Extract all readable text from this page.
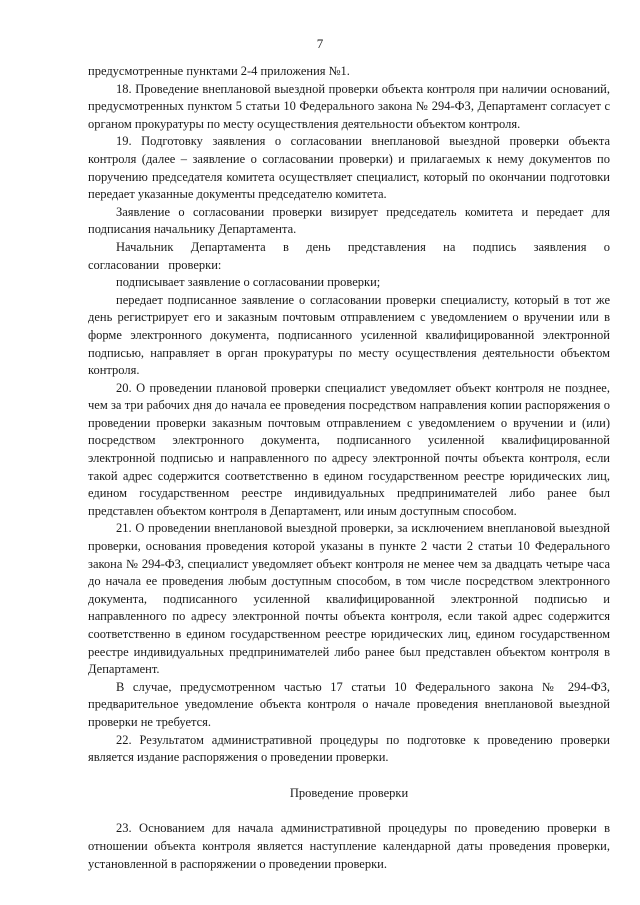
7

предусмотренные пунктами 2-4 приложения №1.

18. Проведение внеплановой выездной проверки объекта контроля при наличии оснований, предусмотренных пунктом 5 статьи 10 Федерального закона № 294-ФЗ, Департамент согласует с органом прокуратуры по месту осуществления деятельности объектом контроля.

19. Подготовку заявления о согласовании внеплановой выездной проверки объекта контроля (далее – заявление о согласовании проверки) и прилагаемых к нему документов по поручению председателя комитета осуществляет специалист, который по окончании подготовки передает указанные документы председателю комитета.

Заявление о согласовании проверки визирует председатель комитета и передает для подписания начальнику Департамента.

Начальник Департамента в день представления на подпись заявления о согласовании проверки:

подписывает заявление о согласовании проверки;

передает подписанное заявление о согласовании проверки специалисту, который в тот же день регистрирует его и заказным почтовым отправлением с уведомлением о вручении или в форме электронного документа, подписанного усиленной квалифицированной электронной подписью, направляет в орган прокуратуры по месту осуществления деятельности объектом контроля.

20. О проведении плановой проверки специалист уведомляет объект контроля не позднее, чем за три рабочих дня до начала ее проведения посредством направления копии распоряжения о проведении проверки заказным почтовым отправлением с уведомлением о вручении и (или) посредством электронного документа, подписанного усиленной квалифицированной электронной подписью и направленного по адресу электронной почты объекта контроля, если такой адрес содержится соответственно в едином государственном реестре юридических лиц, едином государственном реестре индивидуальных предпринимателей либо ранее был представлен объектом контроля в Департамент, или иным доступным способом.

21. О проведении внеплановой выездной проверки, за исключением внеплановой выездной проверки, основания проведения которой указаны в пункте 2 части 2 статьи 10 Федерального закона № 294-ФЗ, специалист уведомляет объект контроля не менее чем за двадцать четыре часа до начала ее проведения любым доступным способом, в том числе посредством электронного документа, подписанного усиленной квалифицированной электронной подписью и направленного по адресу электронной почты объекта контроля, если такой адрес содержится соответственно в едином государственном реестре юридических лиц, едином государственном реестре индивидуальных предпринимателей либо ранее был представлен объектом контроля в Департамент.

В случае, предусмотренном частью 17 статьи 10 Федерального закона № 294-ФЗ, предварительное уведомление объекта контроля о начале проведения внеплановой выездной проверки не требуется.

22. Результатом административной процедуры по подготовке к проведению проверки является издание распоряжения о проведении проверки.

Проведение проверки

23. Основанием для начала административной процедуры по проведению проверки в отношении объекта контроля является наступление календарной даты проведения проверки, установленной в распоряжении о проведении проверки.
